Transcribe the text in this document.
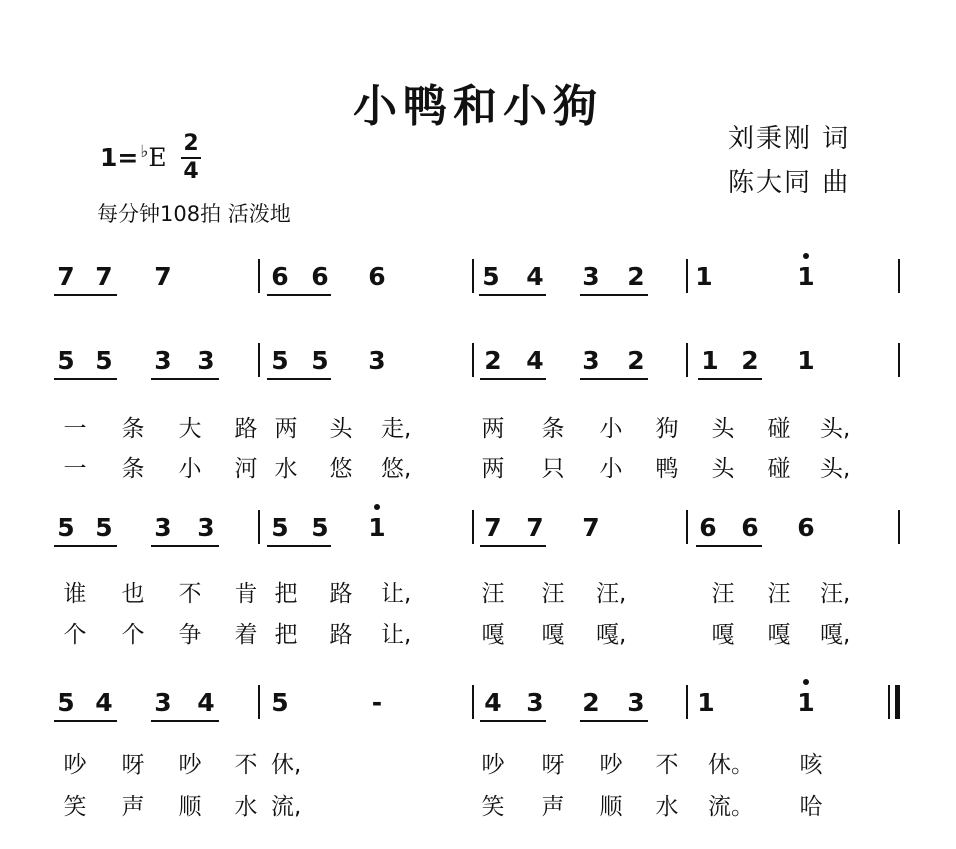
小鸭和小狗
刘秉刚 词
陈大同 曲
1= ♭E 2
4
每分钟108拍 活泼地
7 7 7	6 6 6	5 4 3 2 1	1
5 5 3 3 5 5 3	2 4 3 2 1 2 1
一 条 大 路 两 头 走,	两 条 小 狗 头 碰 头,
一 条 小 河 水 悠 悠,	两 只 小 鸭 头 碰 头,
5 5 3 3 5 5 1	7 7 7	6 6 6
谁 也 不 肯 把 路 让,	汪 汪 汪,	汪 汪 汪,
个 个 争 着 把 路 让,	嘎 嘎 嘎,	嘎 嘎 嘎,
5 4 3 4 5	-	4 3 2 3 1	1
吵 呀 吵 不 休,	吵 呀 吵 不 休。 咳
笑 声 顺 水 流,	笑 声 顺 水 流。 哈
